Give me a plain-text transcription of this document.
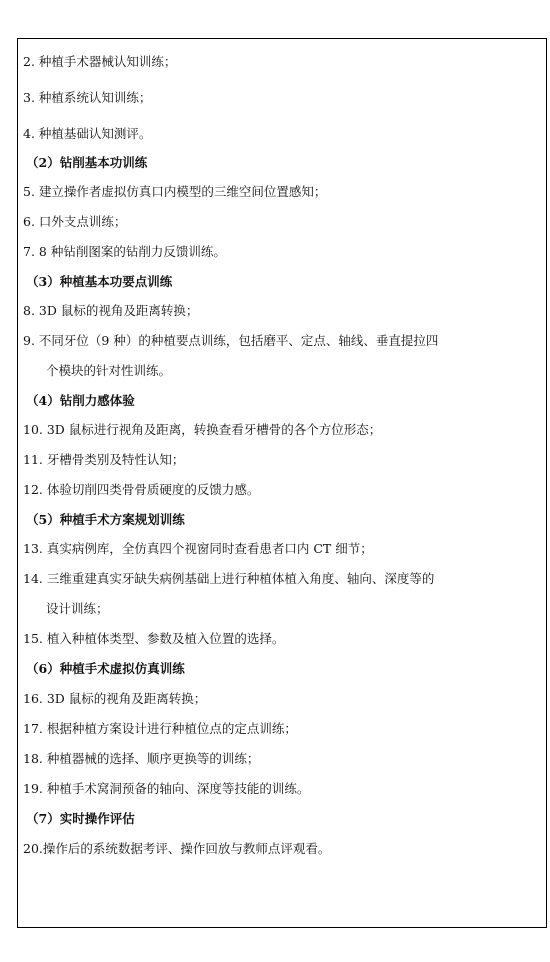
2. 种植手术器械认知训练；
3. 种植系统认知训练；
4. 种植基础认知测评。
（2）钻削基本功训练
5. 建立操作者虚拟仿真口内模型的三维空间位置感知；
6. 口外支点训练；
7. 8 种钻削图案的钻削力反馈训练。
（3）种植基本功要点训练
8. 3D 鼠标的视角及距离转换；
9. 不同牙位（9 种）的种植要点训练，包括磨平、定点、轴线、垂直提拉四
个模块的针对性训练。
（4）钻削力感体验
10. 3D 鼠标进行视角及距离，转换查看牙槽骨的各个方位形态；
11. 牙槽骨类别及特性认知；
12. 体验切削四类骨骨质硬度的反馈力感。
（5）种植手术方案规划训练
13. 真实病例库，全仿真四个视窗同时查看患者口内 CT 细节；
14. 三维重建真实牙缺失病例基础上进行种植体植入角度、轴向、深度等的
设计训练；
15. 植入种植体类型、参数及植入位置的选择。
（6）种植手术虚拟仿真训练
16. 3D 鼠标的视角及距离转换；
17. 根据种植方案设计进行种植位点的定点训练；
18. 种植器械的选择、顺序更换等的训练；
19. 种植手术窝洞预备的轴向、深度等技能的训练。
（7）实时操作评估
20.操作后的系统数据考评、操作回放与教师点评观看。
